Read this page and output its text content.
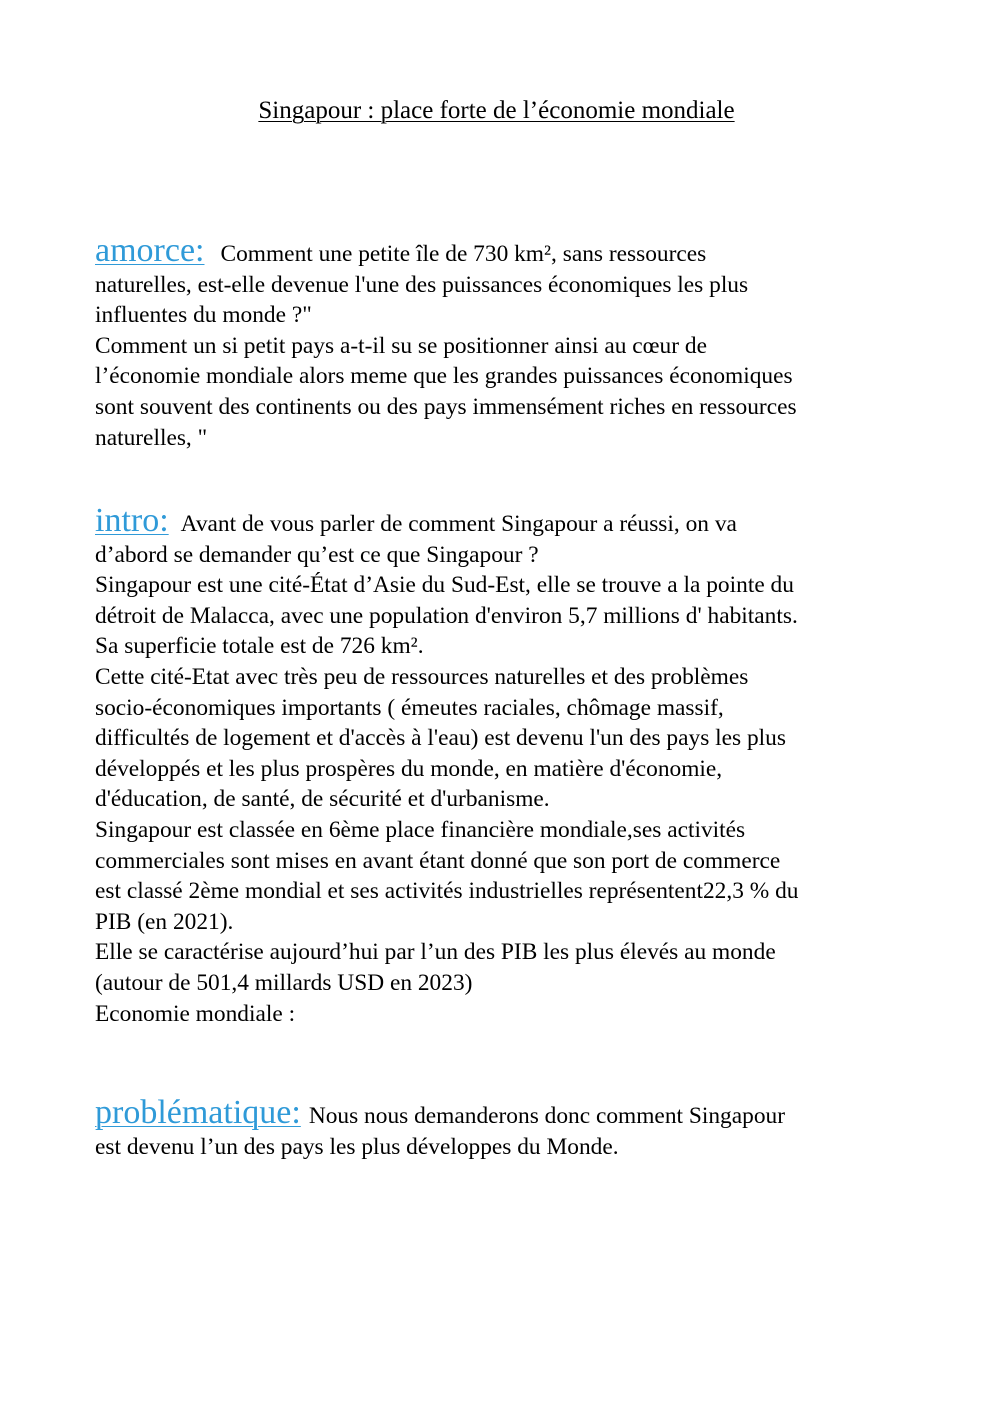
Singapour : place forte de l’économie mondiale

amorce: Comment une petite île de 730 km², sans ressources

naturelles, est-elle devenue l'une des puissances économiques les plus

influentes du monde ?"

Comment un si petit pays a-t-il su se positionner ainsi au cœur de

l’économie mondiale alors meme que les grandes puissances économiques

sont souvent des continents ou des pays immensément riches en ressources

naturelles, "

intro: Avant de vous parler de comment Singapour a réussi, on va

d’abord se demander qu’est ce que Singapour ?

Singapour est une cité-État d’Asie du Sud-Est, elle se trouve a la pointe du

détroit de Malacca, avec une population d'environ 5,7 millions d' habitants.

Sa superficie totale est de 726 km².

Cette cité-Etat avec très peu de ressources naturelles et des problèmes

socio-économiques importants ( émeutes raciales, chômage massif,

difficultés de logement et d'accès à l'eau) est devenu l'un des pays les plus

développés et les plus prospères du monde, en matière d'économie,

d'éducation, de santé, de sécurité et d'urbanisme.

Singapour est classée en 6ème place financière mondiale,ses activités

commerciales sont mises en avant étant donné que son port de commerce

est classé 2ème mondial et ses activités industrielles représentent22,3 % du

PIB (en 2021).

Elle se caractérise aujourd’hui par l’un des PIB les plus élevés au monde

(autour de 501,4 millards USD en 2023)

Economie mondiale :

problématique: Nous nous demanderons donc comment Singapour

est devenu l’un des pays les plus développes du Monde.
